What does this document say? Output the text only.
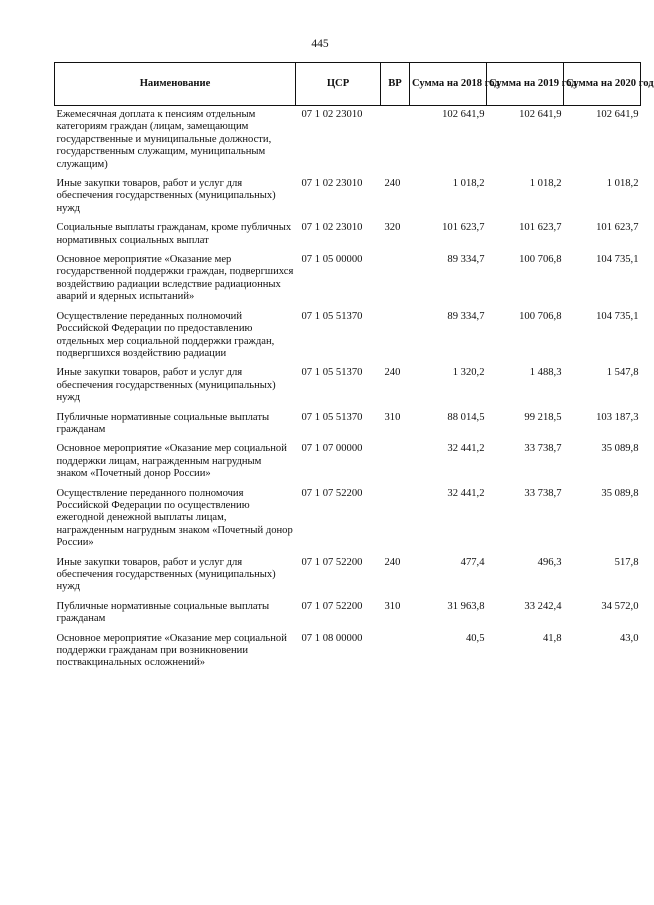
445
Наименование	ЦСР	ВР	Сумма на 2018 год	Сумма на 2019 год	Сумма на 2020 год
Ежемесячная доплата к пенсиям отдельным категориям граждан (лицам, замещающим государственные и муниципальные должности, государственным служащим, муниципальным служащим)	07 1 02 23010		102 641,9	102 641,9	102 641,9
Иные закупки товаров, работ и услуг для обеспечения государственных (муниципальных) нужд	07 1 02 23010	240	1 018,2	1 018,2	1 018,2
Социальные выплаты гражданам, кроме публичных нормативных социальных выплат	07 1 02 23010	320	101 623,7	101 623,7	101 623,7
Основное мероприятие «Оказание мер государственной поддержки граждан, подвергшихся воздействию радиации вследствие радиационных аварий и ядерных испытаний»	07 1 05 00000		89 334,7	100 706,8	104 735,1
Осуществление переданных полномочий Российской Федерации по предоставлению отдельных мер социальной поддержки граждан, подвергшихся воздействию радиации	07 1 05 51370		89 334,7	100 706,8	104 735,1
Иные закупки товаров, работ и услуг для обеспечения государственных (муниципальных) нужд	07 1 05 51370	240	1 320,2	1 488,3	1 547,8
Публичные нормативные социальные выплаты гражданам	07 1 05 51370	310	88 014,5	99 218,5	103 187,3
Основное мероприятие «Оказание мер социальной поддержки лицам, награжденным нагрудным знаком «Почетный донор России»	07 1 07 00000		32 441,2	33 738,7	35 089,8
Осуществление переданного полномочия Российской Федерации по осуществлению ежегодной денежной выплаты лицам, награжденным нагрудным знаком «Почетный донор России»	07 1 07 52200		32 441,2	33 738,7	35 089,8
Иные закупки товаров, работ и услуг для обеспечения государственных (муниципальных) нужд	07 1 07 52200	240	477,4	496,3	517,8
Публичные нормативные социальные выплаты гражданам	07 1 07 52200	310	31 963,8	33 242,4	34 572,0
Основное мероприятие «Оказание мер социальной поддержки гражданам при возникновении поствакцинальных осложнений»	07 1 08 00000		40,5	41,8	43,0
